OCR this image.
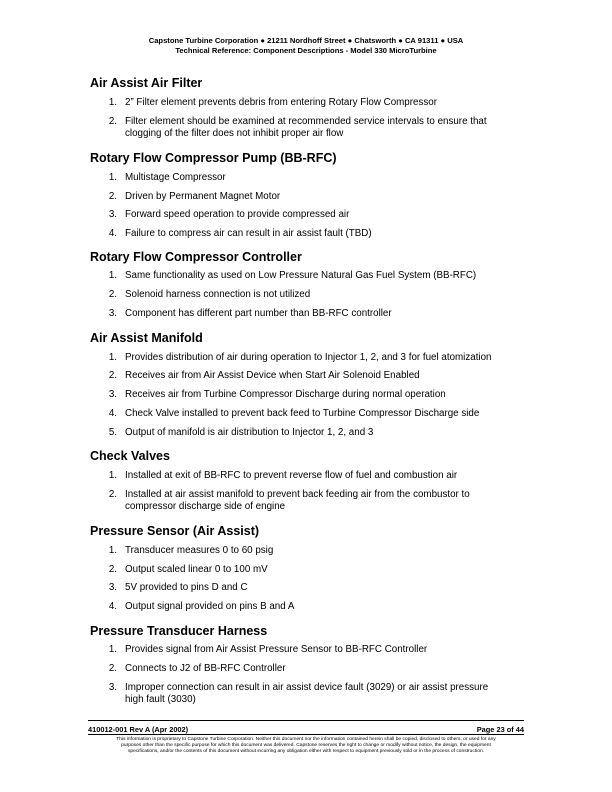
Capstone Turbine Corporation ● 21211 Nordhoff Street ● Chatsworth ● CA 91311 ● USA
Technical Reference: Component Descriptions - Model 330 MicroTurbine
Air Assist Air Filter
1. 2” Filter element prevents debris from entering Rotary Flow Compressor
2. Filter element should be examined at recommended service intervals to ensure that
clogging of the filter does not inhibit proper air flow
Rotary Flow Compressor Pump (BB-RFC)
1. Multistage Compressor
2. Driven by Permanent Magnet Motor
3. Forward speed operation to provide compressed air
4. Failure to compress air can result in air assist fault (TBD)
Rotary Flow Compressor Controller
1. Same functionality as used on Low Pressure Natural Gas Fuel System (BB-RFC)
2. Solenoid harness connection is not utilized
3. Component has different part number than BB-RFC controller
Air Assist Manifold
1. Provides distribution of air during operation to Injector 1, 2, and 3 for fuel atomization
2. Receives air from Air Assist Device when Start Air Solenoid Enabled
3. Receives air from Turbine Compressor Discharge during normal operation
4. Check Valve installed to prevent back feed to Turbine Compressor Discharge side
5. Output of manifold is air distribution to Injector 1, 2, and 3
Check Valves
1. Installed at exit of BB-RFC to prevent reverse flow of fuel and combustion air
2. Installed at air assist manifold to prevent back feeding air from the combustor to
compressor discharge side of engine
Pressure Sensor (Air Assist)
1. Transducer measures 0 to 60 psig
2. Output scaled linear 0 to 100 mV
3. 5V provided to pins D and C
4. Output signal provided on pins B and A
Pressure Transducer Harness
1. Provides signal from Air Assist Pressure Sensor to BB-RFC Controller
2. Connects to J2 of BB-RFC Controller
3. Improper connection can result in air assist device fault (3029) or air assist pressure
high fault (3030)
410012-001 Rev A (Apr 2002)	Page 23 of 44
This information is proprietary to Capstone Turbine Corporation. Neither this document nor the information contained herein shall be copied, disclosed to others, or used for any
purposes other than the specific purpose for which this document was delivered. Capstone reserves the right to change or modify without notice, the design, the equipment
specifications, and/or the contents of this document without incurring any obligation either with respect to equipment previously sold or in the process of construction.
